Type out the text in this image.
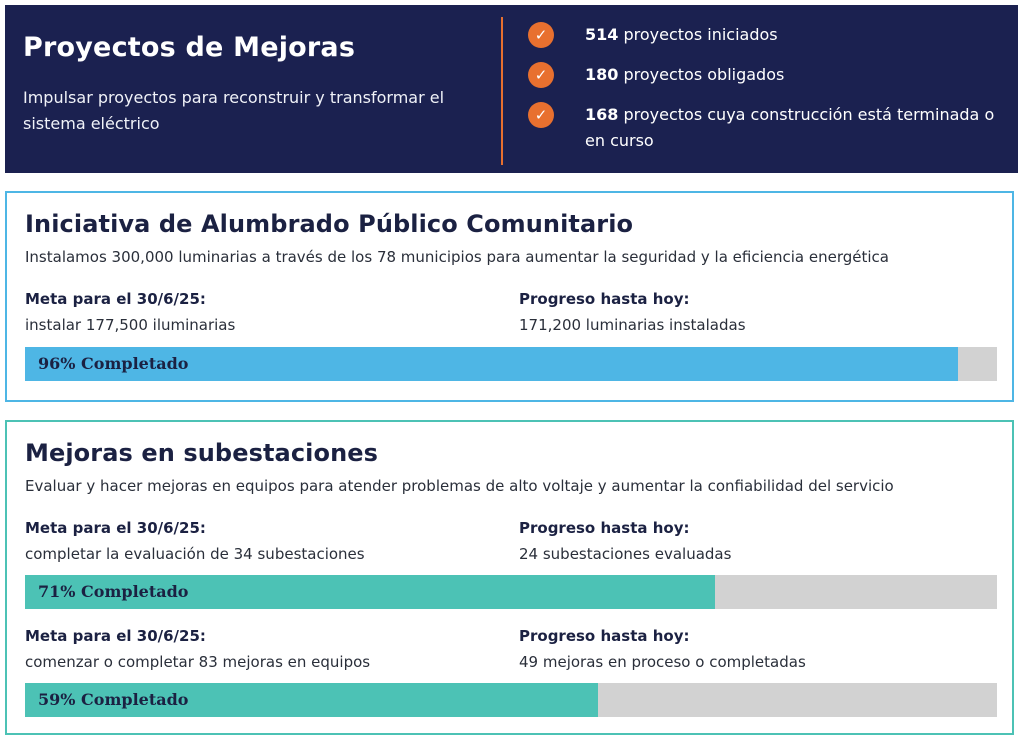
Proyectos de Mejoras
Impulsar proyectos para reconstruir y transformar el sistema eléctrico
✓	514 proyectos iniciados
✓	180 proyectos obligados
✓	168 proyectos cuya construcción está terminada o en curso
Iniciativa de Alumbrado Público Comunitario
Instalamos 300,000 luminarias a través de los 78 municipios para aumentar la seguridad y la eficiencia energética
Meta para el 30/6/25:
instalar 177,500 iluminarias
Progreso hasta hoy:
171,200 luminarias instaladas
96% Completado
Mejoras en subestaciones
Evaluar y hacer mejoras en equipos para atender problemas de alto voltaje y aumentar la confiabilidad del servicio
Meta para el 30/6/25:
completar la evaluación de 34 subestaciones
Progreso hasta hoy:
24 subestaciones evaluadas
71% Completado
Meta para el 30/6/25:
comenzar o completar 83 mejoras en equipos
Progreso hasta hoy:
49 mejoras en proceso o completadas
59% Completado
